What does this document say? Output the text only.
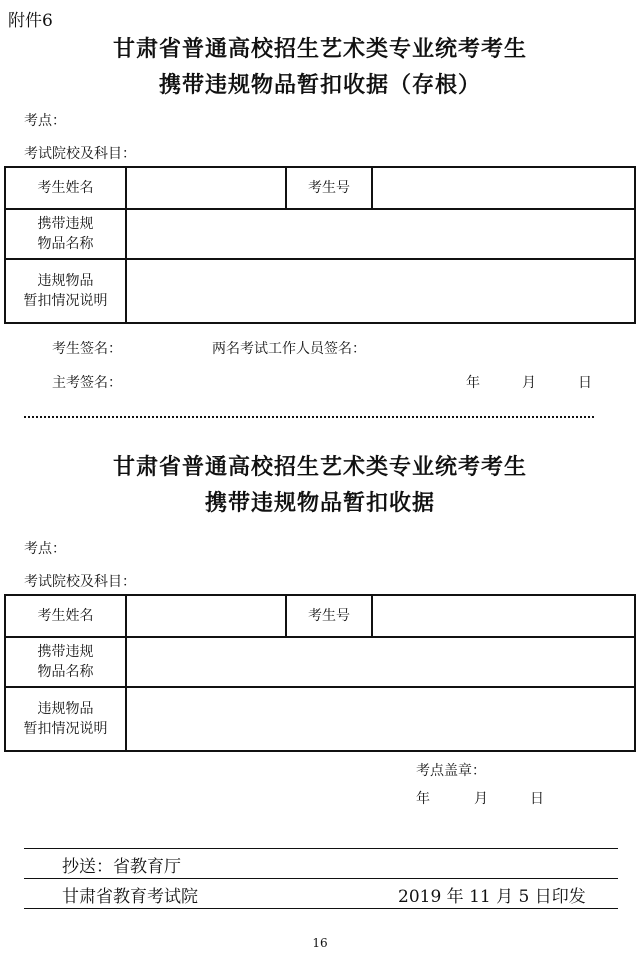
附件6
甘肃省普通高校招生艺术类专业统考考生
携带违规物品暂扣收据（存根）
考点：
考试院校及科目：
考生姓名		考生号	

携带违规
物品名称			

违规物品
暂扣情况说明			

考生签名：	两名考试工作人员签名：
主考签名：	年	月	日
甘肃省普通高校招生艺术类专业统考考生
携带违规物品暂扣收据
考点：
考试院校及科目：
考生姓名		考生号	

携带违规
物品名称			

违规物品
暂扣情况说明			

考点盖章：
年	月	日
抄送：省教育厅
甘肃省教育考试院	2019 年 11 月 5 日印发
16
